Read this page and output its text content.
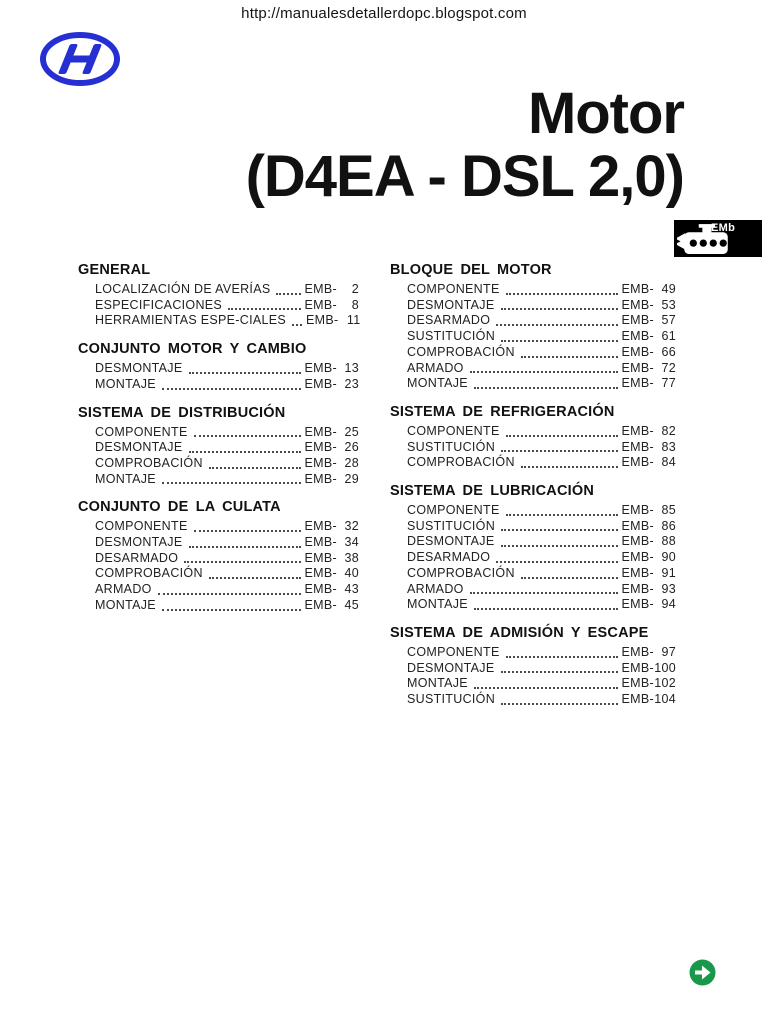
http://manualesdetallerdopc.blogspot.com
Motor
(D4EA - DSL 2,0)
EMb
GENERAL
LOCALIZACIÓN DE AVERÍAS	EMB- 2
ESPECIFICACIONES	EMB- 8
HERRAMIENTAS ESPE-CIALES EMB- 11
CONJUNTO MOTOR Y CAMBIO
DESMONTAJE	EMB- 13
MONTAJE	EMB- 23
SISTEMA DE DISTRIBUCIÓN
COMPONENTE	EMB- 25
DESMONTAJE	EMB- 26
COMPROBACIÓN	EMB- 28
MONTAJE	EMB- 29
CONJUNTO DE LA CULATA
COMPONENTE	EMB- 32
DESMONTAJE	EMB- 34
DESARMADO	EMB- 38
COMPROBACIÓN	EMB- 40
ARMADO	EMB- 43
MONTAJE	EMB- 45
BLOQUE DEL MOTOR
COMPONENTE	EMB- 49
DESMONTAJE	EMB- 53
DESARMADO	EMB- 57
SUSTITUCIÓN	EMB- 61
COMPROBACIÓN	EMB- 66
ARMADO	EMB- 72
MONTAJE	EMB- 77
SISTEMA DE REFRIGERACIÓN
COMPONENTE	EMB- 82
SUSTITUCIÓN	EMB- 83
COMPROBACIÓN	EMB- 84
SISTEMA DE LUBRICACIÓN
COMPONENTE	EMB- 85
SUSTITUCIÓN	EMB- 86
DESMONTAJE	EMB- 88
DESARMADO	EMB- 90
COMPROBACIÓN	EMB- 91
ARMADO	EMB- 93
MONTAJE	EMB- 94
SISTEMA DE ADMISIÓN Y ESCAPE
COMPONENTE	EMB- 97
DESMONTAJE	EMB-100
MONTAJE	EMB-102
SUSTITUCIÓN	EMB-104
